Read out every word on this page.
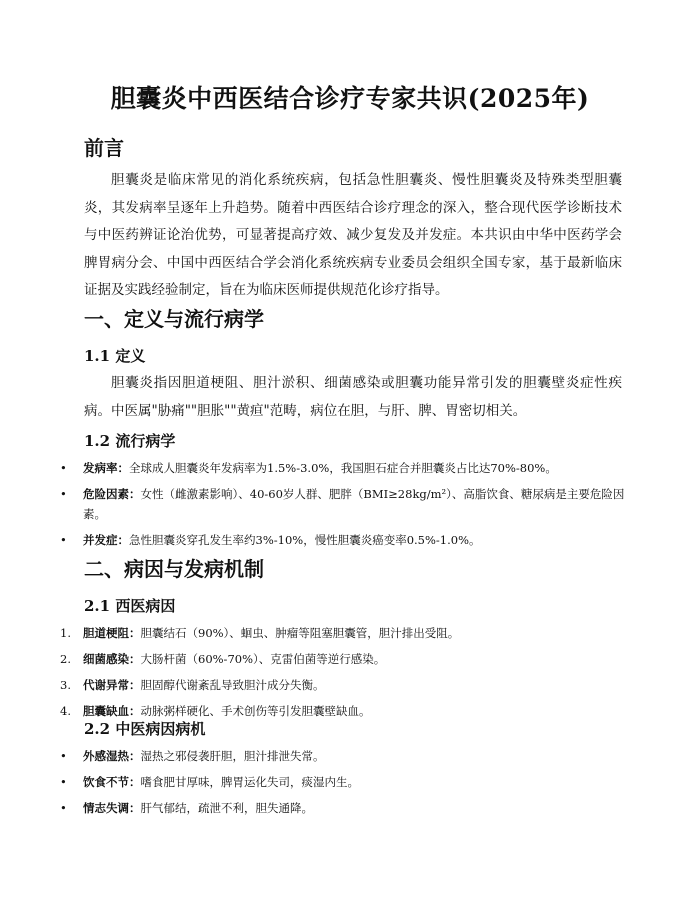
胆囊炎中西医结合诊疗专家共识(2025年)
前言

胆囊炎是临床常见的消化系统疾病，包括急性胆囊炎、慢性胆囊炎及特殊类型胆囊炎，其发病率呈逐年上升趋势。随着中西医结合诊疗理念的深入，整合现代医学诊断技术与中医药辨证论治优势，可显著提高疗效、减少复发及并发症。本共识由中华中医药学会脾胃病分会、中国中西医结合学会消化系统疾病专业委员会组织全国专家，基于最新临床证据及实践经验制定，旨在为临床医师提供规范化诊疗指导。

一、定义与流行病学
1.1 定义

胆囊炎指因胆道梗阻、胆汁淤积、细菌感染或胆囊功能异常引发的胆囊壁炎症性疾病。中医属"胁痛""胆胀""黄疸"范畴，病位在胆，与肝、脾、胃密切相关。

1.2 流行病学
•	发病率：全球成人胆囊炎年发病率为1.5%-3.0%，我国胆石症合并胆囊炎占比达70%-80%。
•	危险因素：女性（雌激素影响）、40-60岁人群、肥胖（BMI≥28kg/m²）、高脂饮食、糖尿病是主要危险因素。
•	并发症：急性胆囊炎穿孔发生率约3%-10%，慢性胆囊炎癌变率0.5%-1.0%。
二、病因与发病机制
2.1 西医病因
1.	胆道梗阻：胆囊结石（90%）、蛔虫、肿瘤等阻塞胆囊管，胆汁排出受阻。
2.	细菌感染：大肠杆菌（60%-70%）、克雷伯菌等逆行感染。
3.	代谢异常：胆固醇代谢紊乱导致胆汁成分失衡。
4.	胆囊缺血：动脉粥样硬化、手术创伤等引发胆囊壁缺血。
2.2 中医病因病机
•	外感湿热：湿热之邪侵袭肝胆，胆汁排泄失常。
•	饮食不节：嗜食肥甘厚味，脾胃运化失司，痰湿内生。
•	情志失调：肝气郁结，疏泄不利，胆失通降。
